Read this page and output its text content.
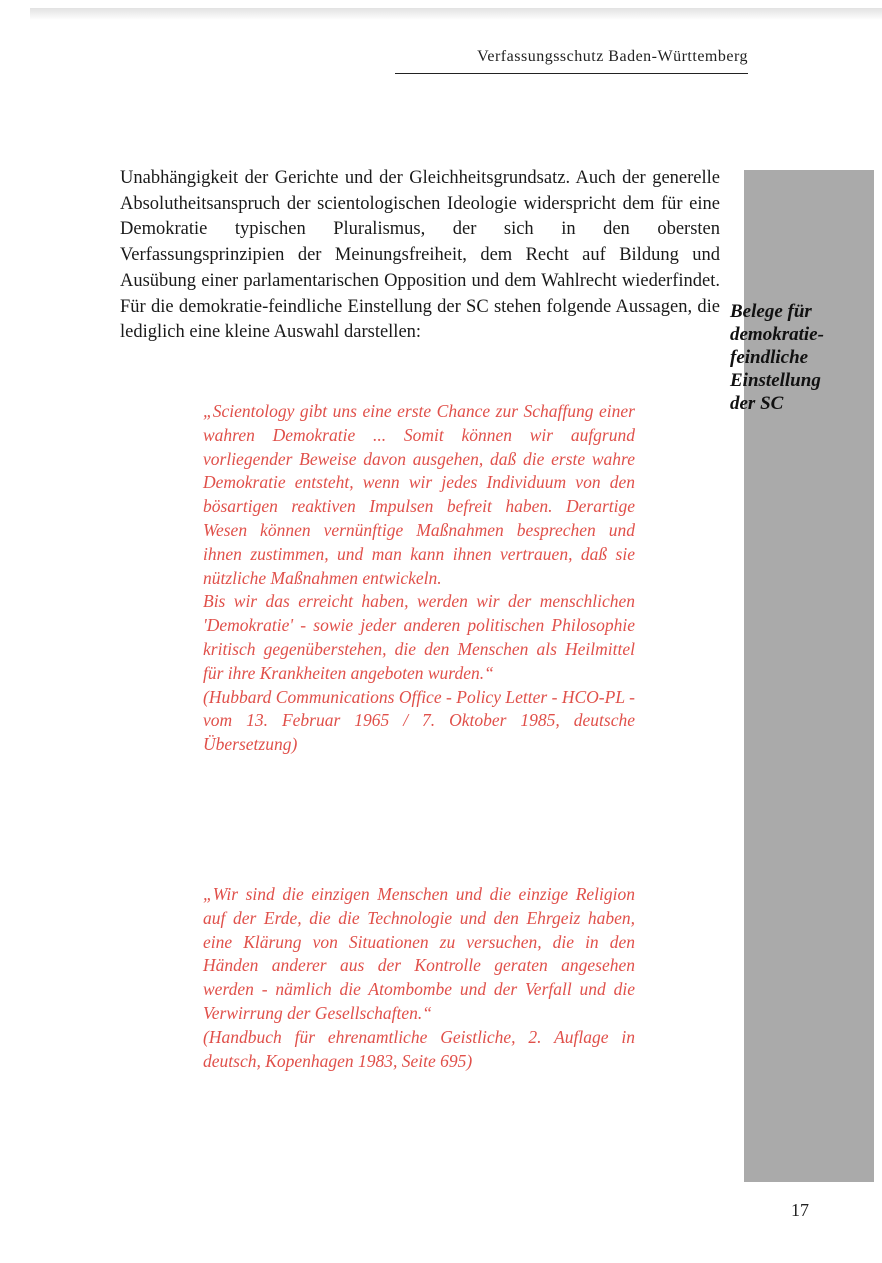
Verfassungsschutz Baden-Württemberg
Belege für
demokratie-
feindliche
Einstellung
der SC

Unabhängigkeit der Gerichte und der Gleichheitsgrundsatz. Auch der generelle Absolutheitsanspruch der scientologischen Ideologie widerspricht dem für eine Demokratie typischen Pluralismus, der sich in den obersten Verfassungsprinzipien der Meinungsfreiheit, dem Recht auf Bildung und Ausübung einer parlamentarischen Opposition und dem Wahlrecht wiederfindet. Für die demokratie-feindliche Einstellung der SC stehen folgende Aussagen, die lediglich eine kleine Auswahl darstellen:

„Scientology gibt uns eine erste Chance zur Schaffung einer wahren Demokratie ... Somit können wir aufgrund vorliegender Beweise davon ausgehen, daß die erste wahre Demokratie entsteht, wenn wir jedes Individuum von den bösartigen reaktiven Impulsen befreit haben. Derartige Wesen können vernünftige Maßnahmen besprechen und ihnen zustimmen, und man kann ihnen vertrauen, daß sie nützliche Maßnahmen entwickeln.

Bis wir das erreicht haben, werden wir der menschlichen 'Demokratie' - sowie jeder anderen politischen Philosophie kritisch gegenüberstehen, die den Menschen als Heilmittel für ihre Krankheiten angeboten wurden.“

(Hubbard Communications Office - Policy Letter - HCO-PL - vom 13. Februar 1965 / 7. Oktober 1985, deutsche Übersetzung)

„Wir sind die einzigen Menschen und die einzige Religion auf der Erde, die die Technologie und den Ehrgeiz haben, eine Klärung von Situationen zu versuchen, die in den Händen anderer aus der Kontrolle geraten angesehen werden - nämlich die Atombombe und der Verfall und die Verwirrung der Gesellschaften.“

(Handbuch für ehrenamtliche Geistliche, 2. Auflage in deutsch, Kopenhagen 1983, Seite 695)

17
